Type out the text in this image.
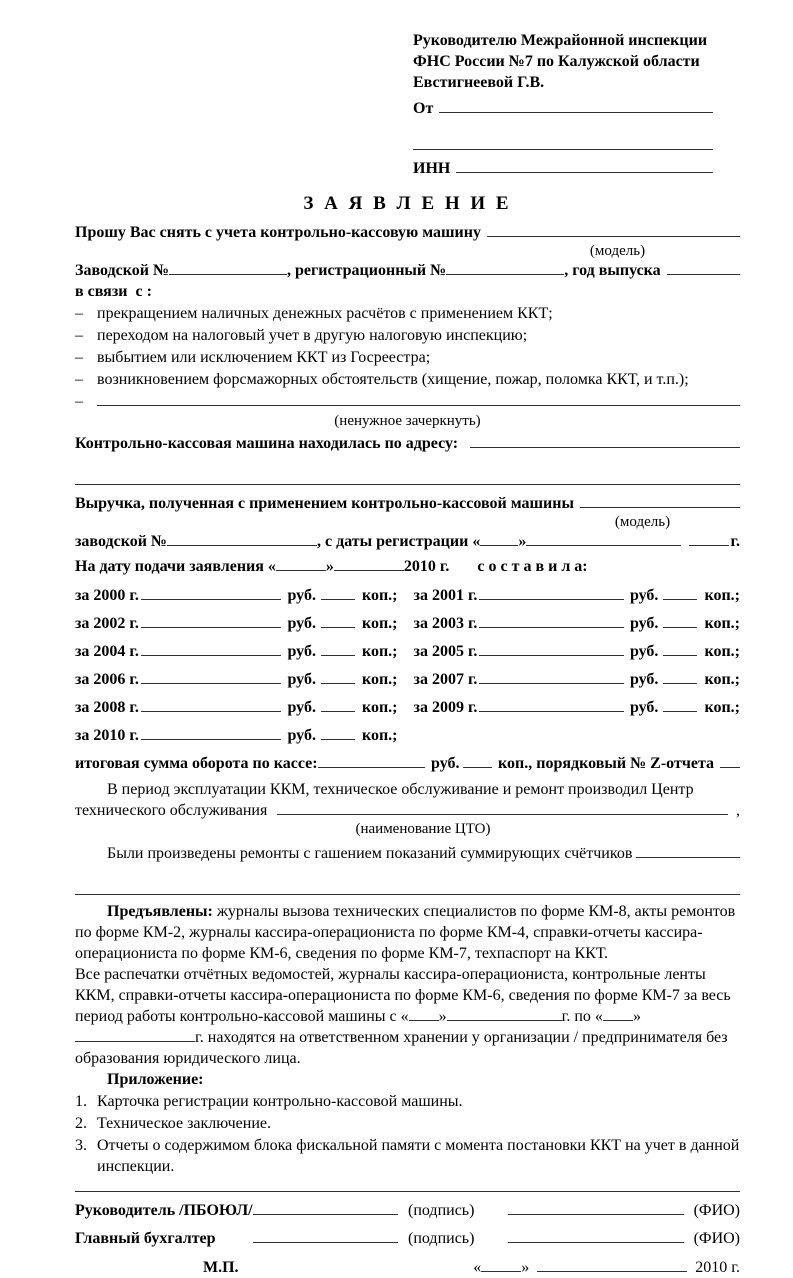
Руководителю Межрайонной инспекции
ФНС России №7 по Калужской области
Евстигнеевой Г.В.
От
ИНН
З А Я В Л Е Н И Е
Прошу Вас снять с учета контрольно-кассовую машину
(модель)
Заводской №	, регистрационный №	, год выпуска
в связи  с :
– прекращением наличных денежных расчётов с применением ККТ;
– переходом на налоговый учет в другую налоговую инспекцию;
– выбытием или исключением ККТ из Госреестра;
– возникновением форсмажорных обстоятельств (хищение, пожар, поломка ККТ, и т.п.);
–
(ненужное зачеркнуть)
Контрольно-кассовая машина находилась по адресу:
Выручка, полученная с применением контрольно-кассовой машины
(модель)
заводской №	, с даты регистрации « »	г.
На дату подачи заявления «	»	2010 г. с о с т а в и л а:
за 2000 г.	руб.	коп.; за 2001 г.	руб.	коп.;
за 2002 г.	руб.	коп.; за 2003 г.	руб.	коп.;
за 2004 г.	руб.	коп.; за 2005 г.	руб.	коп.;
за 2006 г.	руб.	коп.; за 2007 г.	руб.	коп.;
за 2008 г.	руб.	коп.; за 2009 г.	руб.	коп.;
за 2010 г.	руб.	коп.;
итоговая сумма оборота по кассе:	руб. коп., порядковый № Z-отчета
В период эксплуатации ККМ, техническое обслуживание и ремонт производил Центр
технического обслуживания	,
(наименование ЦТО)
Были произведены ремонты с гашением показаний суммирующих счётчиков

Предъявлены: журналы вызова технических специалистов по форме КМ-8, акты ремонтов по форме КМ-2, журналы кассира-операциониста по форме КМ-4, справки-отчеты кассира-операциониста по форме КМ-6, сведения по форме КМ-7, техпаспорт на ККТ.

Все распечатки отчётных ведомостей, журналы кассира-операциониста, контрольные ленты ККМ, справки-отчеты кассира-операциониста по форме КМ-6, сведения по форме КМ-7 за весь период работы контрольно-кассовой машины с « »	г. по « »г. находятся на ответственном хранении у организации / предпринимателя без образования юридического лица.

Приложение:
1. Карточка регистрации контрольно-кассовой машины.
2. Техническое заключение.
3. Отчеты о содержимом блока фискальной памяти с момента постановки ККТ на учет в данной инспекции.
Руководитель /ПБОЮЛ/	(подпись)	(ФИО)
Главный бухгалтер	(подпись)	(ФИО)
М.П.	«	»	2010 г.
